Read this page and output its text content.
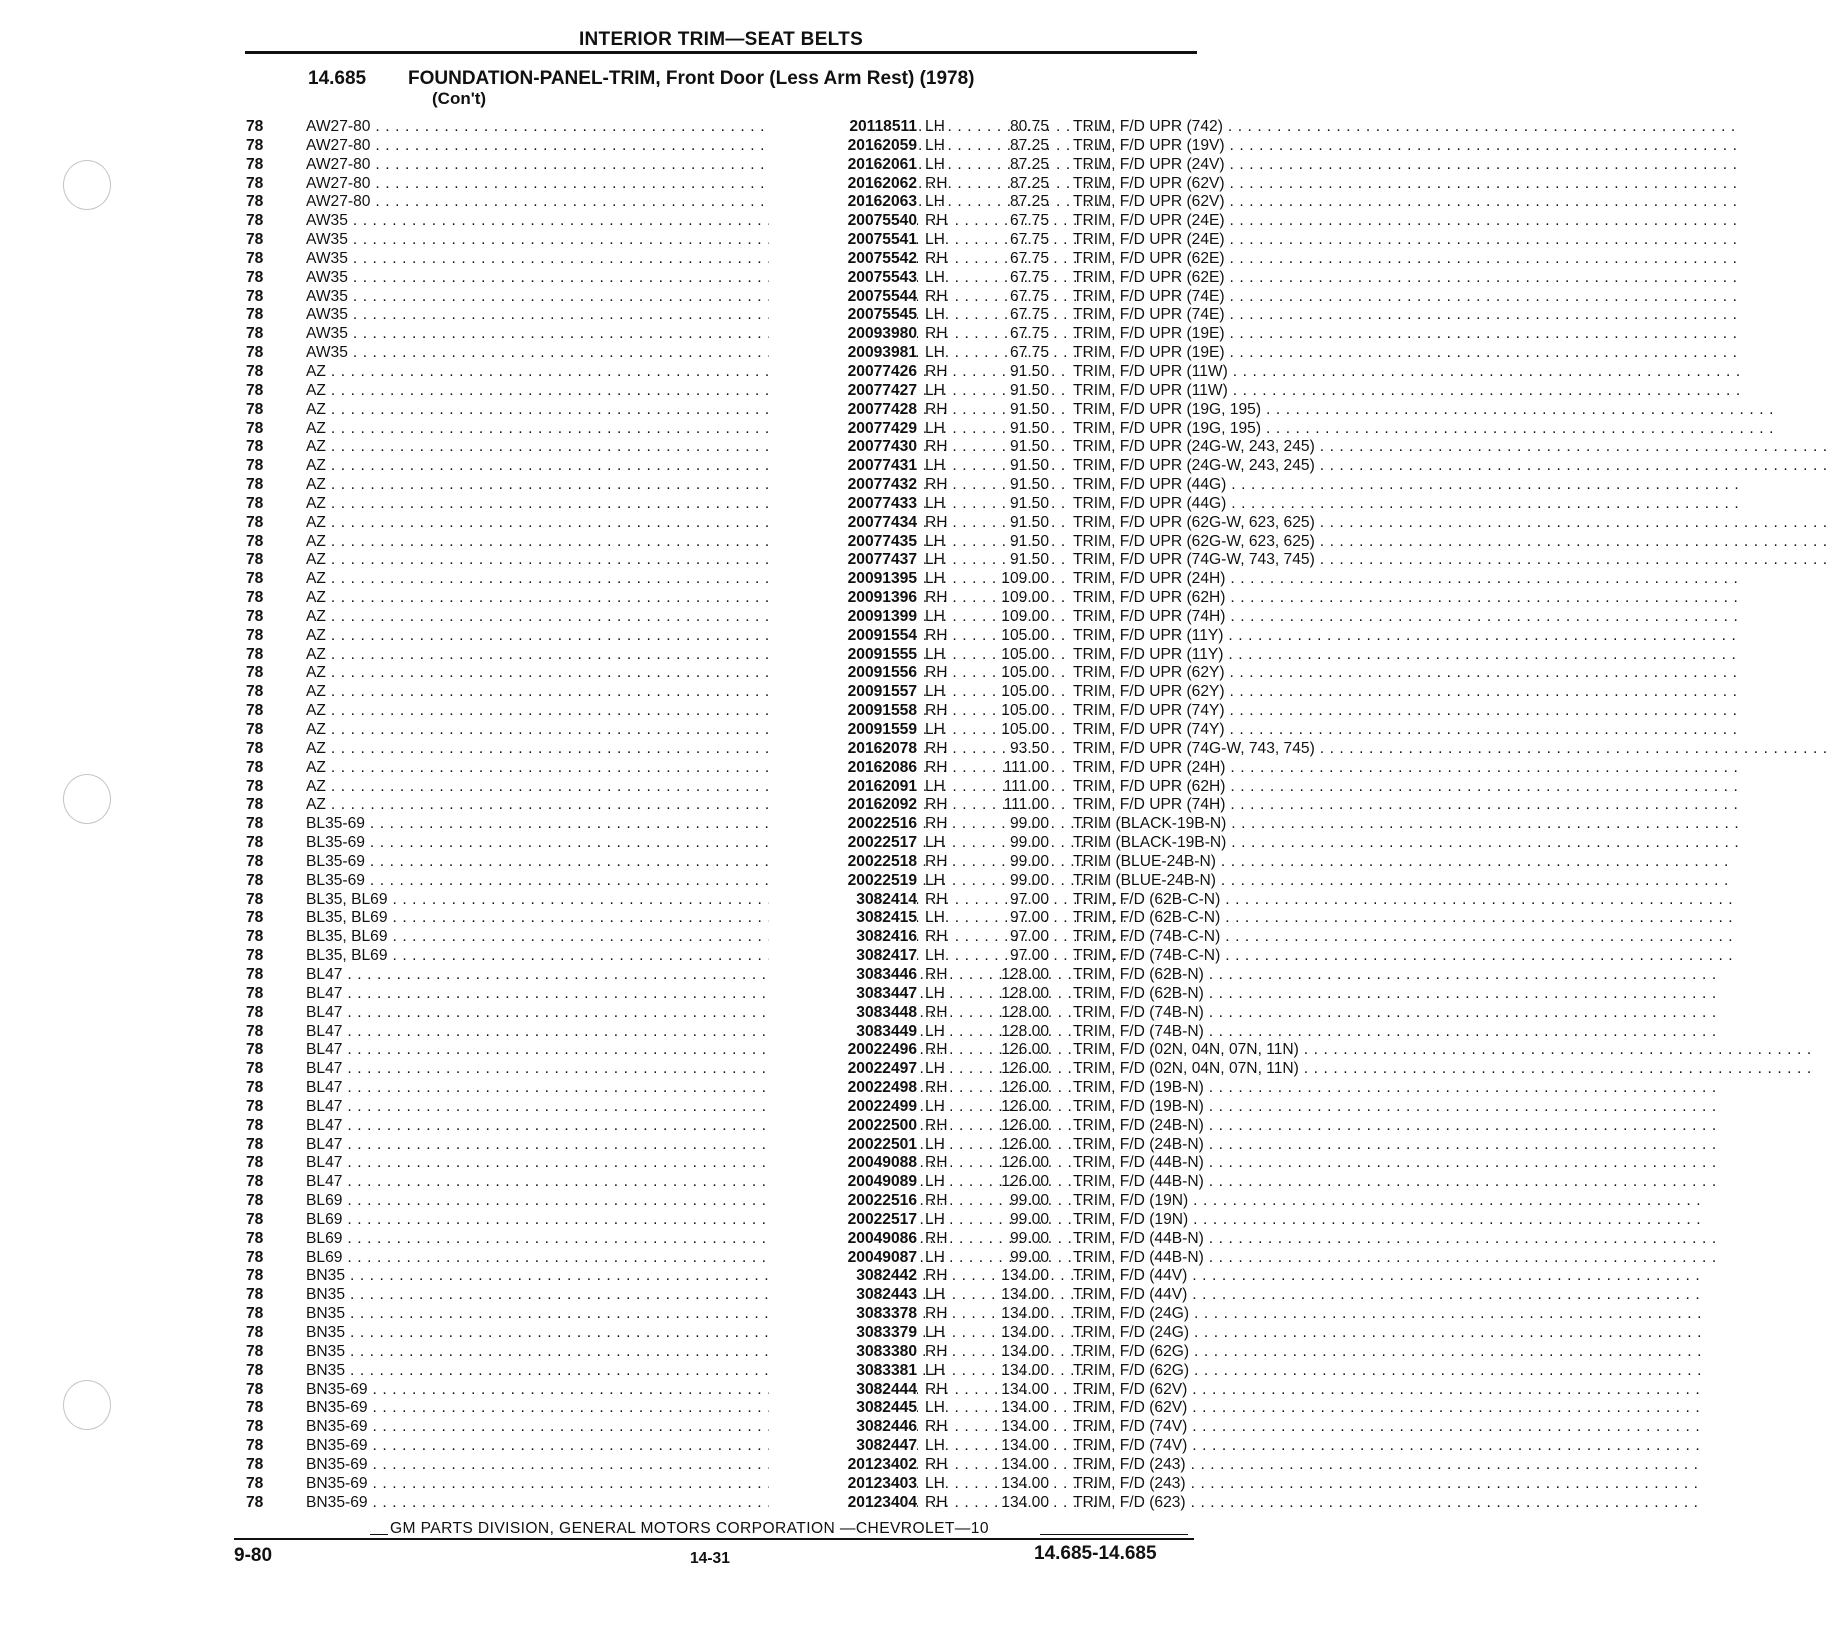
INTERIOR TRIM—SEAT BELTS
14.685 FOUNDATION-PANEL-TRIM, Front Door (Less Arm Rest) (1978)
(Con't)
78	AW27-80 . . .	20118511 LH	80.75 TRIM, F/D UPR (742) . . .
78	AW27-80 . . .	20162059 LH	87.25 TRIM, F/D UPR (19V) . . .
78	AW27-80 . . .	20162061 LH	87.25 TRIM, F/D UPR (24V) . . .
78	AW27-80 . . .	20162062 RH	87.25 TRIM, F/D UPR (62V) . . .
78	AW27-80 . . .	20162063 LH	87.25 TRIM, F/D UPR (62V) . . .
78	AW35 . . .	20075540 RH	67.75 TRIM, F/D UPR (24E) . . .
78	AW35 . . .	20075541 LH	67.75 TRIM, F/D UPR (24E) . . .
78	AW35 . . .	20075542 RH	67.75 TRIM, F/D UPR (62E) . . .
78	AW35 . . .	20075543 LH	67.75 TRIM, F/D UPR (62E) . . .
78	AW35 . . .	20075544 RH	67.75 TRIM, F/D UPR (74E) . . .
78	AW35 . . .	20075545 LH	67.75 TRIM, F/D UPR (74E) . . .
78	AW35 . . .	20093980 RH	67.75 TRIM, F/D UPR (19E) . . .
78	AW35 . . .	20093981 LH	67.75 TRIM, F/D UPR (19E) . . .
78	AZ . . .	20077426 RH	91.50 TRIM, F/D UPR (11W) . . .
78	AZ . . .	20077427 LH	91.50 TRIM, F/D UPR (11W) . . .
78	AZ . . .	20077428 RH	91.50 TRIM, F/D UPR (19G, 195) . . .
78	AZ . . .	20077429 LH	91.50 TRIM, F/D UPR (19G, 195) . . .
78	AZ . . .	20077430 RH	91.50 TRIM, F/D UPR (24G-W, 243, 245) . . .
78	AZ . . .	20077431 LH	91.50 TRIM, F/D UPR (24G-W, 243, 245) . . .
78	AZ . . .	20077432 RH	91.50 TRIM, F/D UPR (44G) . . .
78	AZ . . .	20077433 LH	91.50 TRIM, F/D UPR (44G) . . .
78	AZ . . .	20077434 RH	91.50 TRIM, F/D UPR (62G-W, 623, 625) . . .
78	AZ . . .	20077435 LH	91.50 TRIM, F/D UPR (62G-W, 623, 625) . . .
78	AZ . . .	20077437 LH	91.50 TRIM, F/D UPR (74G-W, 743, 745) . . .
78	AZ . . .	20091395 LH	109.00 TRIM, F/D UPR (24H) . . .
78	AZ . . .	20091396 RH	109.00 TRIM, F/D UPR (62H) . . .
78	AZ . . .	20091399 LH	109.00 TRIM, F/D UPR (74H) . . .
78	AZ . . .	20091554 RH	105.00 TRIM, F/D UPR (11Y) . . .
78	AZ . . .	20091555 LH	105.00 TRIM, F/D UPR (11Y) . . .
78	AZ . . .	20091556 RH	105.00 TRIM, F/D UPR (62Y) . . .
78	AZ . . .	20091557 LH	105.00 TRIM, F/D UPR (62Y) . . .
78	AZ . . .	20091558 RH	105.00 TRIM, F/D UPR (74Y) . . .
78	AZ . . .	20091559 LH	105.00 TRIM, F/D UPR (74Y) . . .
78	AZ . . .	20162078 RH	93.50 TRIM, F/D UPR (74G-W, 743, 745) . . .
78	AZ . . .	20162086 RH	111.00 TRIM, F/D UPR (24H) . . .
78	AZ . . .	20162091 LH	111.00 TRIM, F/D UPR (62H) . . .
78	AZ . . .	20162092 RH	111.00 TRIM, F/D UPR (74H) . . .
78	BL35-69 . . .	20022516 RH	99.00 TRIM (BLACK-19B-N) . . .
78	BL35-69 . . .	20022517 LH	99.00 TRIM (BLACK-19B-N) . . .
78	BL35-69 . . .	20022518 RH	99.00 TRIM (BLUE-24B-N) . . .
78	BL35-69 . . .	20022519 LH	99.00 TRIM (BLUE-24B-N) . . .
78	BL35, BL69 . . .	3082414 RH	97.00 TRIM, F/D (62B-C-N) . . .
78	BL35, BL69 . . .	3082415 LH	97.00 TRIM, F/D (62B-C-N) . . .
78	BL35, BL69 . . .	3082416 RH	97.00 TRIM, F/D (74B-C-N) . . .
78	BL35, BL69 . . .	3082417 LH	97.00 TRIM, F/D (74B-C-N) . . .
78	BL47 . . .	3083446 RH	128.00 TRIM, F/D (62B-N) . . .
78	BL47 . . .	3083447 LH	128.00 TRIM, F/D (62B-N) . . .
78	BL47 . . .	3083448 RH	128.00 TRIM, F/D (74B-N) . . .
78	BL47 . . .	3083449 LH	128.00 TRIM, F/D (74B-N) . . .
78	BL47 . . .	20022496 RH	126.00 TRIM, F/D (02N, 04N, 07N, 11N) . . .
78	BL47 . . .	20022497 LH	126.00 TRIM, F/D (02N, 04N, 07N, 11N) . . .
78	BL47 . . .	20022498 RH	126.00 TRIM, F/D (19B-N) . . .
78	BL47 . . .	20022499 LH	126.00 TRIM, F/D (19B-N) . . .
78	BL47 . . .	20022500 RH	126.00 TRIM, F/D (24B-N) . . .
78	BL47 . . .	20022501 LH	126.00 TRIM, F/D (24B-N) . . .
78	BL47 . . .	20049088 RH	126.00 TRIM, F/D (44B-N) . . .
78	BL47 . . .	20049089 LH	126.00 TRIM, F/D (44B-N) . . .
78	BL69 . . .	20022516 RH	99.00 TRIM, F/D (19N) . . .
78	BL69 . . .	20022517 LH	99.00 TRIM, F/D (19N) . . .
78	BL69 . . .	20049086 RH	99.00 TRIM, F/D (44B-N) . . .
78	BL69 . . .	20049087 LH	99.00 TRIM, F/D (44B-N) . . .
78	BN35 . . .	3082442 RH	134.00 TRIM, F/D (44V) . . .
78	BN35 . . .	3082443 LH	134.00 TRIM, F/D (44V) . . .
78	BN35 . . .	3083378 RH	134.00 TRIM, F/D (24G) . . .
78	BN35 . . .	3083379 LH	134.00 TRIM, F/D (24G) . . .
78	BN35 . . .	3083380 RH	134.00 TRIM, F/D (62G) . . .
78	BN35 . . .	3083381 LH	134.00 TRIM, F/D (62G) . . .
78	BN35-69 . . .	3082444 RH	134.00 TRIM, F/D (62V) . . .
78	BN35-69 . . .	3082445 LH	134.00 TRIM, F/D (62V) . . .
78	BN35-69 . . .	3082446 RH	134.00 TRIM, F/D (74V) . . .
78	BN35-69 . . .	3082447 LH	134.00 TRIM, F/D (74V) . . .
78	BN35-69 . . .	20123402 RH	134.00 TRIM, F/D (243) . . .
78	BN35-69 . . .	20123403 LH	134.00 TRIM, F/D (243) . . .
78	BN35-69 . . .	20123404 RH	134.00 TRIM, F/D (623) . . .
GM PARTS DIVISION, GENERAL MOTORS CORPORATION —CHEVROLET—10
9-80	14-31	14.685-14.685
